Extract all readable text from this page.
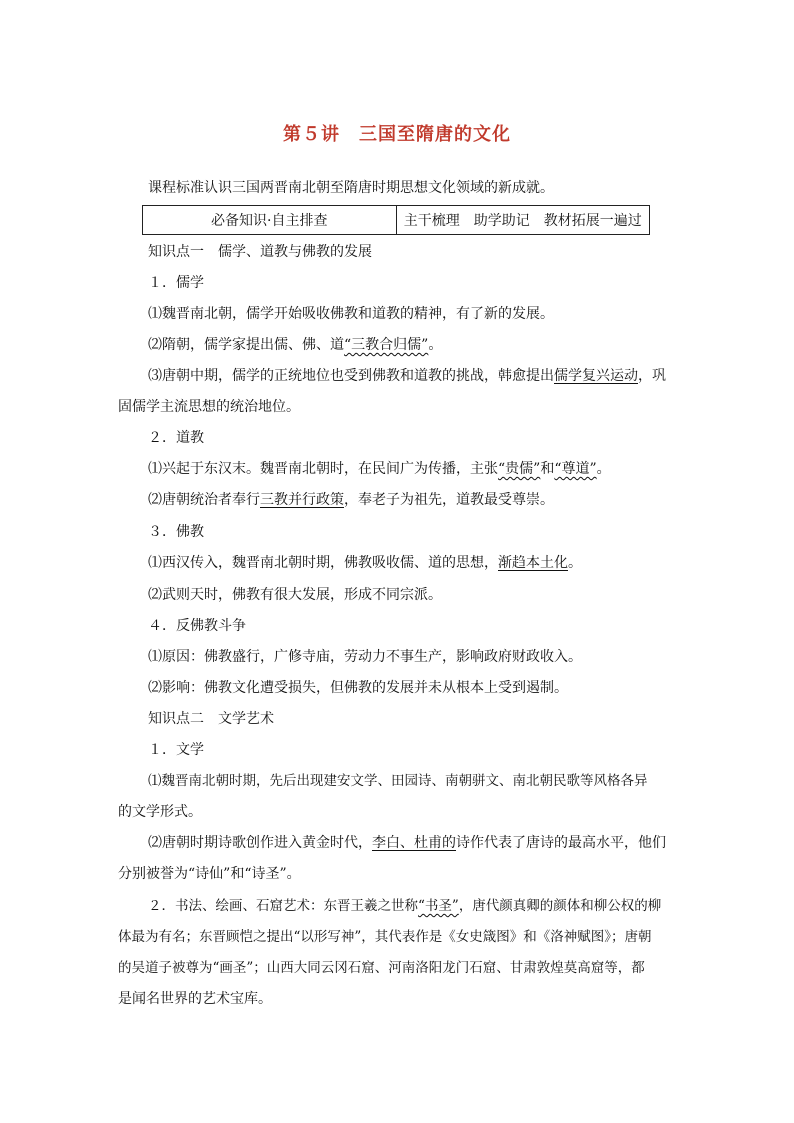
第５讲　三国至隋唐的文化
课程标准认识三国两晋南北朝至隋唐时期思想文化领域的新成就。
必备知识·自主排查	主干梳理　助学助记　教材拓展一遍过
知识点一　儒学、道教与佛教的发展
１．儒学
⑴魏晋南北朝，儒学开始吸收佛教和道教的精神，有了新的发展。
⑵隋朝，儒学家提出儒、佛、道“三教合归儒”。
⑶唐朝中期，儒学的正统地位也受到佛教和道教的挑战，韩愈提出儒学复兴运动，巩
固儒学主流思想的统治地位。
２．道教
⑴兴起于东汉末。魏晋南北朝时，在民间广为传播，主张“贵儒”和“尊道”。
⑵唐朝统治者奉行三教并行政策，奉老子为祖先，道教最受尊崇。
３．佛教
⑴西汉传入，魏晋南北朝时期，佛教吸收儒、道的思想，渐趋本土化。
⑵武则天时，佛教有很大发展，形成不同宗派。
４．反佛教斗争
⑴原因：佛教盛行，广修寺庙，劳动力不事生产，影响政府财政收入。
⑵影响：佛教文化遭受损失，但佛教的发展并未从根本上受到遏制。
知识点二　文学艺术
１．文学
⑴魏晋南北朝时期，先后出现建安文学、田园诗、南朝骈文、南北朝民歌等风格各异
的文学形式。
⑵唐朝时期诗歌创作进入黄金时代，李白、杜甫的诗作代表了唐诗的最高水平，他们
分别被誉为“诗仙”和“诗圣”。
２．书法、绘画、石窟艺术：东晋王羲之世称“书圣”，唐代颜真卿的颜体和柳公权的柳
体最为有名；东晋顾恺之提出“以形写神”，其代表作是《女史箴图》和《洛神赋图》；唐朝
的吴道子被尊为“画圣”；山西大同云冈石窟、河南洛阳龙门石窟、甘肃敦煌莫高窟等，都
是闻名世界的艺术宝库。
